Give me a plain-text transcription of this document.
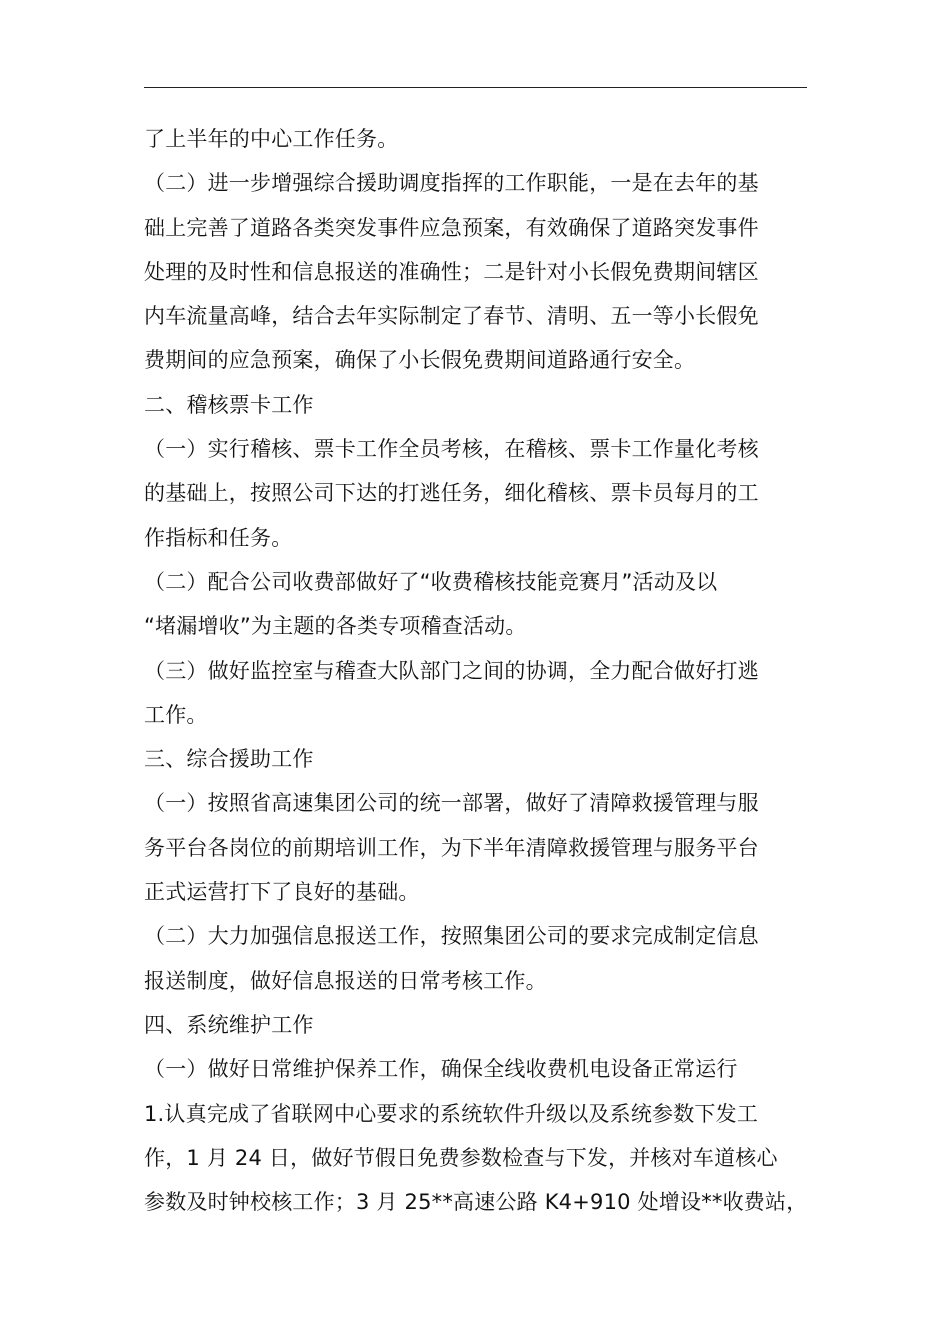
了上半年的中心工作任务。
（二）进一步增强综合援助调度指挥的工作职能，一是在去年的基
础上完善了道路各类突发事件应急预案，有效确保了道路突发事件
处理的及时性和信息报送的准确性；二是针对小长假免费期间辖区
内车流量高峰，结合去年实际制定了春节、清明、五一等小长假免
费期间的应急预案，确保了小长假免费期间道路通行安全。
二、稽核票卡工作
（一）实行稽核、票卡工作全员考核，在稽核、票卡工作量化考核
的基础上，按照公司下达的打逃任务，细化稽核、票卡员每月的工
作指标和任务。
（二）配合公司收费部做好了“收费稽核技能竞赛月”活动及以
“堵漏增收”为主题的各类专项稽查活动。
（三）做好监控室与稽查大队部门之间的协调，全力配合做好打逃
工作。
三、综合援助工作
（一）按照省高速集团公司的统一部署，做好了清障救援管理与服
务平台各岗位的前期培训工作，为下半年清障救援管理与服务平台
正式运营打下了良好的基础。
（二）大力加强信息报送工作，按照集团公司的要求完成制定信息
报送制度，做好信息报送的日常考核工作。
四、系统维护工作
（一）做好日常维护保养工作，确保全线收费机电设备正常运行
1.认真完成了省联网中心要求的系统软件升级以及系统参数下发工
作，1 月 24 日，做好节假日免费参数检查与下发，并核对车道核心
参数及时钟校核工作；3 月 25**高速公路 K4+910 处增设**收费站，
